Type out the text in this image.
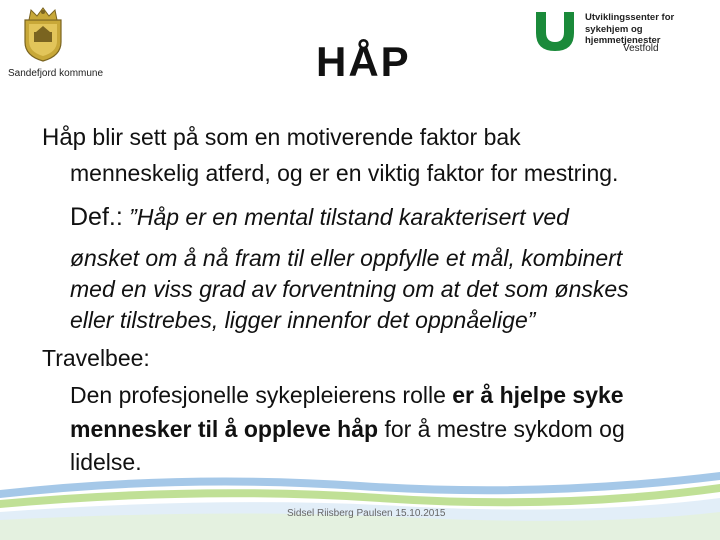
Sandefjord kommune	HÅP
Utviklingssenter for
sykehjem og hjemmetjenester
Vestfold
Håp blir sett på som en motiverende faktor bak
menneskelig atferd, og er en viktig faktor for mestring.
Def.: ”Håp er en mental tilstand karakterisert ved
ønsket om å nå fram til eller oppfylle et mål, kombinert
med en viss grad av forventning om at det som ønskes
eller tilstrebes, ligger innenfor det oppnåelige”
Travelbee:
Den profesjonelle sykepleierens rolle er å hjelpe syke
mennesker til å oppleve håp for å mestre sykdom og
lidelse.
Sidsel Riisberg Paulsen 15.10.2015
